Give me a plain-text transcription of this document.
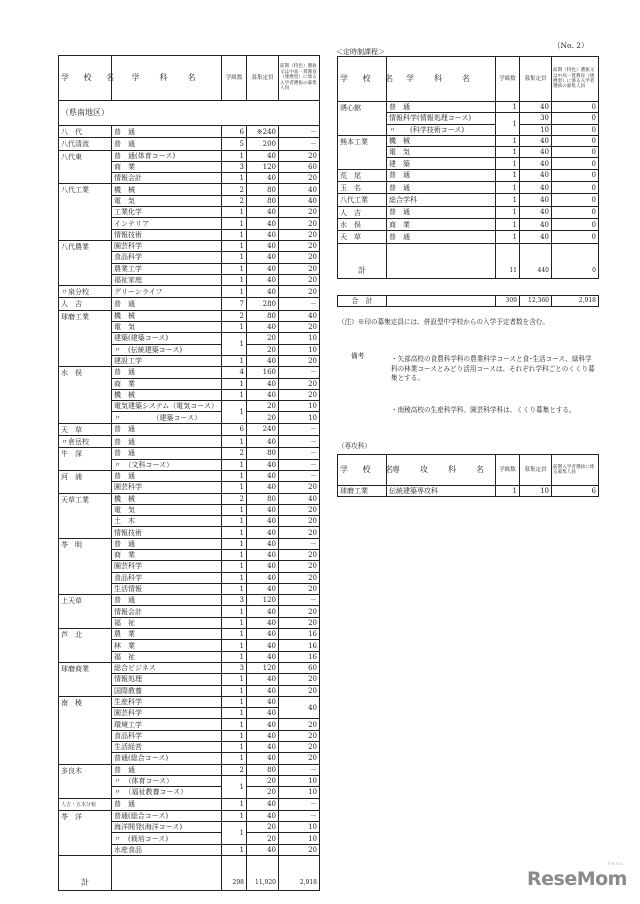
（No. 2）
＜定時制課程＞
学 校 名	学　科　名	学級数	募集定員	前期（特色）選抜又は中高一貫教育（連携型）に係る入学者選抜の募集人員
（県南地区）				
八　代	普　通	6	※240	－
八代清流	普　通	5	200	－
八代東	普　通(体育コース)	1	40	20
	商　業	3	120	60
	情報会計	1	40	20
八代工業	機　械	2	80	40
	電　気	2	80	40
	工業化学	1	40	20
	インテリア	1	40	20
	情報技術	1	40	20
八代農業	園芸科学	1	40	20
	食品科学	1	40	20
	農業工学	1	40	20
	福祉家庭	1	40	20
〃泉分校	グリーンライフ	1	40	20
人　吉	普　通	7	280	－
球磨工業	機　械	2	80	40
	電　気	1	40	20
	建築(建築コース)	1	20	10
	〃　(伝統建築コース)		20	10
	建設工学	1	40	20
水　俣	普　通	4	160	－
	商　業	1	40	20
	機　械	1	40	20
	電気建築システム（電気コース）	1	20	10
	〃　　　　　（建築コース）		20	10
天　草	普　通	6	240	－
〃倉岳校	普　通	1	40	－
牛　深	普　通	2	80	－
	〃　（文科コース）	1	40	－
河　浦	普　通	1	40	－
	園芸科学	1	40	20
天草工業	機　械	2	80	40
	電　気	1	40	20
	土　木	1	40	20
	情報技術	1	40	20
苓　明	普　通	1	40	－
	商　業	1	40	20
	園芸科学	1	40	20
	食品科学	1	40	20
	生活情報	1	40	20
上天草	普　通	3	120	－
	情報会計	1	40	20
	福　祉	1	40	20
芦　北	農　業	1	40	16
	林　業	1	40	16
	福　祉	1	40	16
球磨商業	総合ビジネス	3	120	60
	情報処理	1	40	20
	国際教養	1	40	20
南　稜	生産科学	1	40	40
	園芸科学	1	40	
	環境工学	1	40	20
	食品科学	1	40	20
	生活経営	1	40	20
	普通(総合コース)	1	40	20
多良木	普　通	2	80	－
	〃　（体育コース）	1	20	10
	〃　（福祉教養コース）		20	10
人吉・五木分校	普　通	1	40	－
苓　洋	普通(総合コース)	1	40	－
	海洋開発(海洋コース)	1	20	10
	〃　(栽培コース)		20	10
	水産食品	1	40	20
計		298	11,920	2,918
学 校 名	学　科　名	学級数	募集定員	前期（特色）選抜又は中高一貫教育（連携型）に係る入学者選抜の募集人員
湧心館	普　通	1	40	0
	情報科学(情報処理コース)	1	30	0
	〃　　(科学技術コース)		10	0
熊本工業	機　械	1	40	0
	電　気	1	40	0
	建　築	1	40	0
荒　尾	普　通	1	40	0
玉　名	普　通	1	40	0
八代工業	総合学科	1	40	0
人　吉	普　通	1	40	0
水　俣	商　業	1	40	0
天　草	普　通	1	40	0
計		11	440	0
合　計		309	12,360	2,918
（注）※印の募集定員には、併設型中学校からの入学予定者数を含む。
備考	・矢部高校の食農科学科の農業科学コースと食･生活コース、緑科学科の林業コースとみどり活用コースは、それぞれ学科ごとのくくり募集とする。
・南稜高校の生産科学科、園芸科学科は、くくり募集とする。
（専攻科）
学 校 名	専　攻　科　名	学級数	募集定員	前期入学者選抜に係る募集人員
球磨工業	伝統建築専攻科	1	10	6
ReseMom
リセマム
